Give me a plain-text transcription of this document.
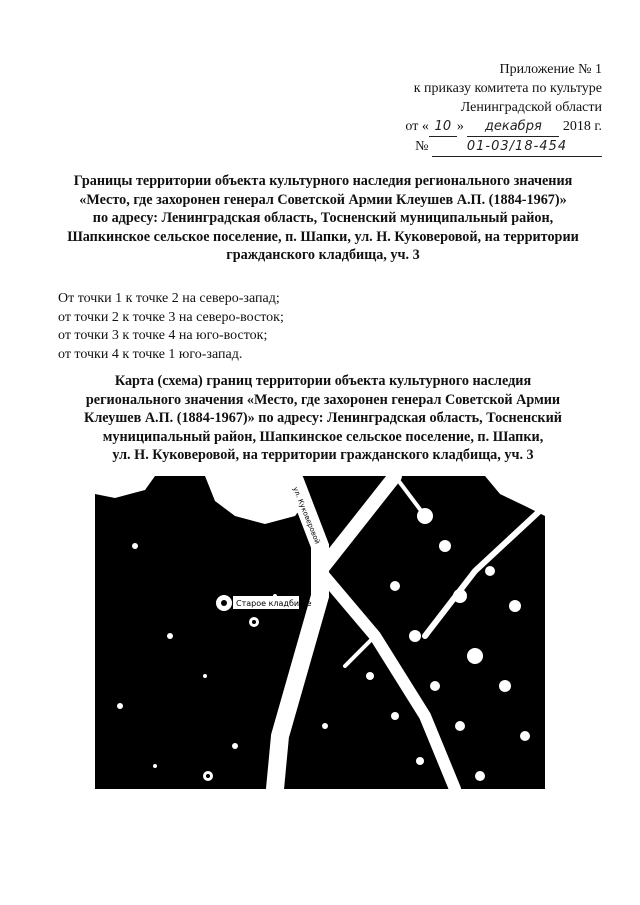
Приложение № 1
к приказу комитета по культуре
Ленинградской области
от « 10 » декабря 2018 г.
№	01-03/18-454
Границы территории объекта культурного наследия регионального значения
«Место, где захоронен генерал Советской Армии Клеушев А.П. (1884-1967)»
по адресу: Ленинградская область, Тосненский муниципальный район,
Шапкинское сельское поселение, п. Шапки, ул. Н. Куковеровой, на территории
гражданского кладбища, уч. 3
От точки 1 к точке 2 на северо-запад;
от точки 2 к точке 3 на северо-восток;
от точки 3 к точке 4 на юго-восток;
от точки 4 к точке 1 юго-запад.
Карта (схема) границ территории объекта культурного наследия
регионального значения «Место, где захоронен генерал Советской Армии
Клеушев А.П. (1884-1967)» по адресу: Ленинградская область, Тосненский
муниципальный район, Шапкинское сельское поселение, п. Шапки,
ул. Н. Куковеровой, на территории гражданского кладбища, уч. 3
Старое кладбище
ул. Нади Куковеровой
ул. Куковеровой
